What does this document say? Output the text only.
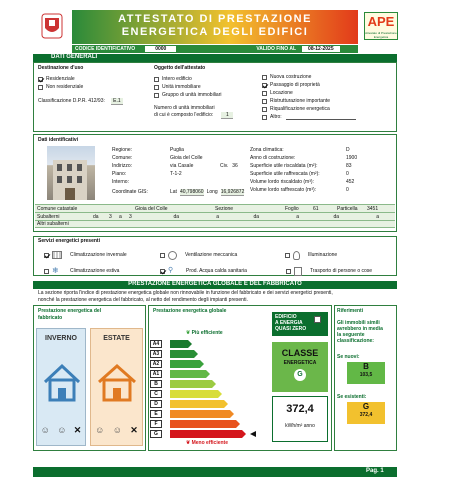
ATTESTATO DI PRESTAZIONE
ENERGETICA DEGLI EDIFICI
APE
Attestato di Prestazione Energetica
CODICE IDENTIFICATIVO	0000	VALIDO FINO AL	08-12-2025
DATI GENERALI
Destinazione d'uso
Residenziale
Non residenziale
Classificazione D.P.R. 412/93:	E.1
Oggetto dell'attestato
Intero edificio
Unità immobiliare
Gruppo di unità immobiliari
Numero di unità immobiliari
di cui è composto l'edificio:	1
Nuova costruzione
Passaggio di proprietà
Locazione
Ristrutturazione importante
Riqualificazione energetica
Altro:
Dati identificativi
Regione:	Puglia
Comune:	Gioia del Colle
Indirizzo:	via Casale	Civ. 36
Piano:	T-1-2
Interno:
Coordinate GIS:	Lat 40,798060 Long 16,926872
Zona climatica:	D
Anno di costruzione:	1900
Superficie utile riscaldata (m²):	83
Superficie utile raffrescata (m²):	0
Volume lordo riscaldato (m³):	452
Volume lordo raffrescato (m³):	0
Comune catastale	Gioia del Colle	Sezione	Foglio	61	Particella	3451
Subalterni	da	3	a	3	da	a	da	a	da	a
Altri subalterni
Servizi energetici presenti
Climatizzazione invernale	Ventilazione meccanica	Illuminazione
❄	Climatizzazione estiva	⚲	Prod. Acqua calda sanitaria	Trasporto di persone o cose
PRESTAZIONE ENERGETICA GLOBALE E DEL FABBRICATO
La sezione riporta l'indice di prestazione energetica globale non rinnovabile in funzione del fabbricato e dei servizi energetici presenti,
nonché la prestazione energetica del fabbricato, al netto del rendimento degli impianti presenti.
Prestazione energetica del
fabbricato
INVERNO
☺ ☺ ✕
ESTATE
☺ ☺ ✕
Prestazione energetica globale
❦ Più efficiente
A4
A3
A2
A1
B
C
D
E
F
G
❦ Meno efficiente
EDIFICIO
A ENERGIA
QUASI ZERO
CLASSE
ENERGETICA
G
372,4
kWh/m² anno
Riferimenti
Gli immobili simili
avrebbero in media
la seguente
classificazione:
Se nuovi:
B
103,5
Se esistenti:
G
372,4
Pag. 1
